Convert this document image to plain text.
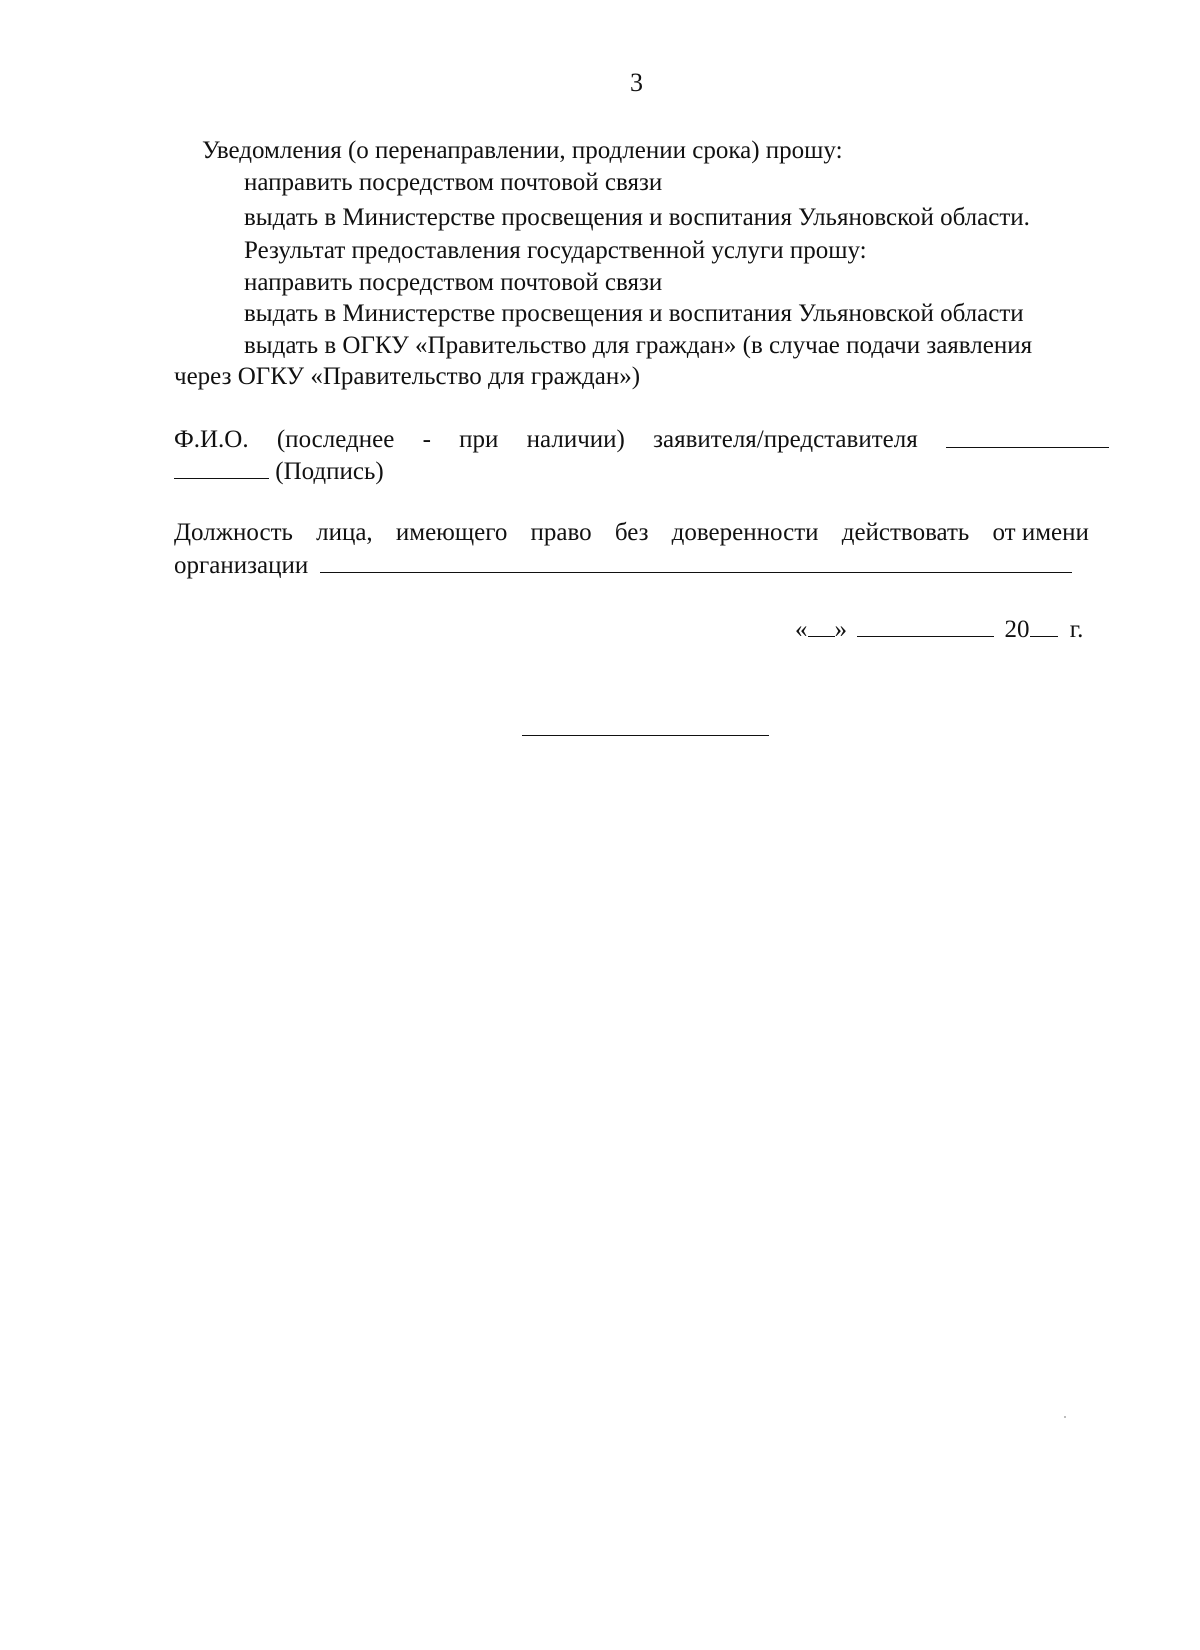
3
Уведомления (о перенаправлении, продлении срока) прошу:
направить посредством почтовой связи
выдать в Министерстве просвещения и воспитания Ульяновской области.
Результат предоставления государственной услуги прошу:
направить посредством почтовой связи
выдать в Министерстве просвещения и воспитания Ульяновской области
выдать в ОГКУ «Правительство для граждан» (в случае подачи заявления
через ОГКУ «Правительство для граждан»)
Ф.И.О. (последнее - при наличии) заявителя/представителя
(Подпись)
Должность лица, имеющего право без доверенности действовать от имени
организации
« »	20 г.
